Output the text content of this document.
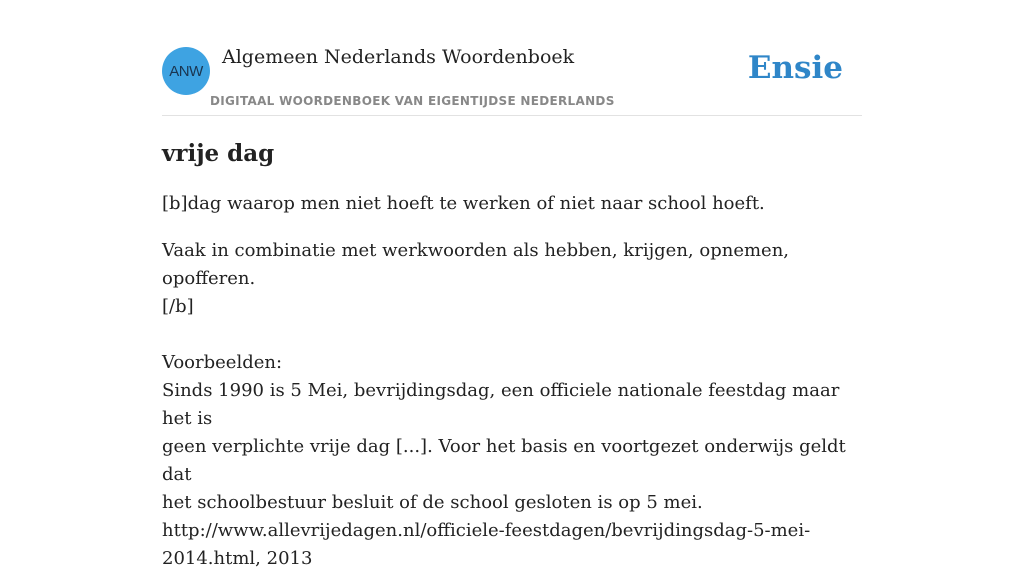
ANW
Algemeen Nederlands Woordenboek
DIGITAAL WOORDENBOEK VAN EIGENTIJDSE NEDERLANDS
Ensie
vrije dag
[b]dag waarop men niet hoeft te werken of niet naar school hoeft.
Vaak in combinatie met werkwoorden als hebben, krijgen, opnemen, opofferen.
[/b]
Voorbeelden:
Sinds 1990 is 5 Mei, bevrijdingsdag, een officiele nationale feestdag maar het is
geen verplichte vrije dag [...]. Voor het basis en voortgezet onderwijs geldt dat
het schoolbestuur besluit of de school gesloten is op 5 mei.
http://www.allevrijedagen.nl/officiele-feestdagen/bevrijdingsdag-5-mei-
2014.html, 2013
